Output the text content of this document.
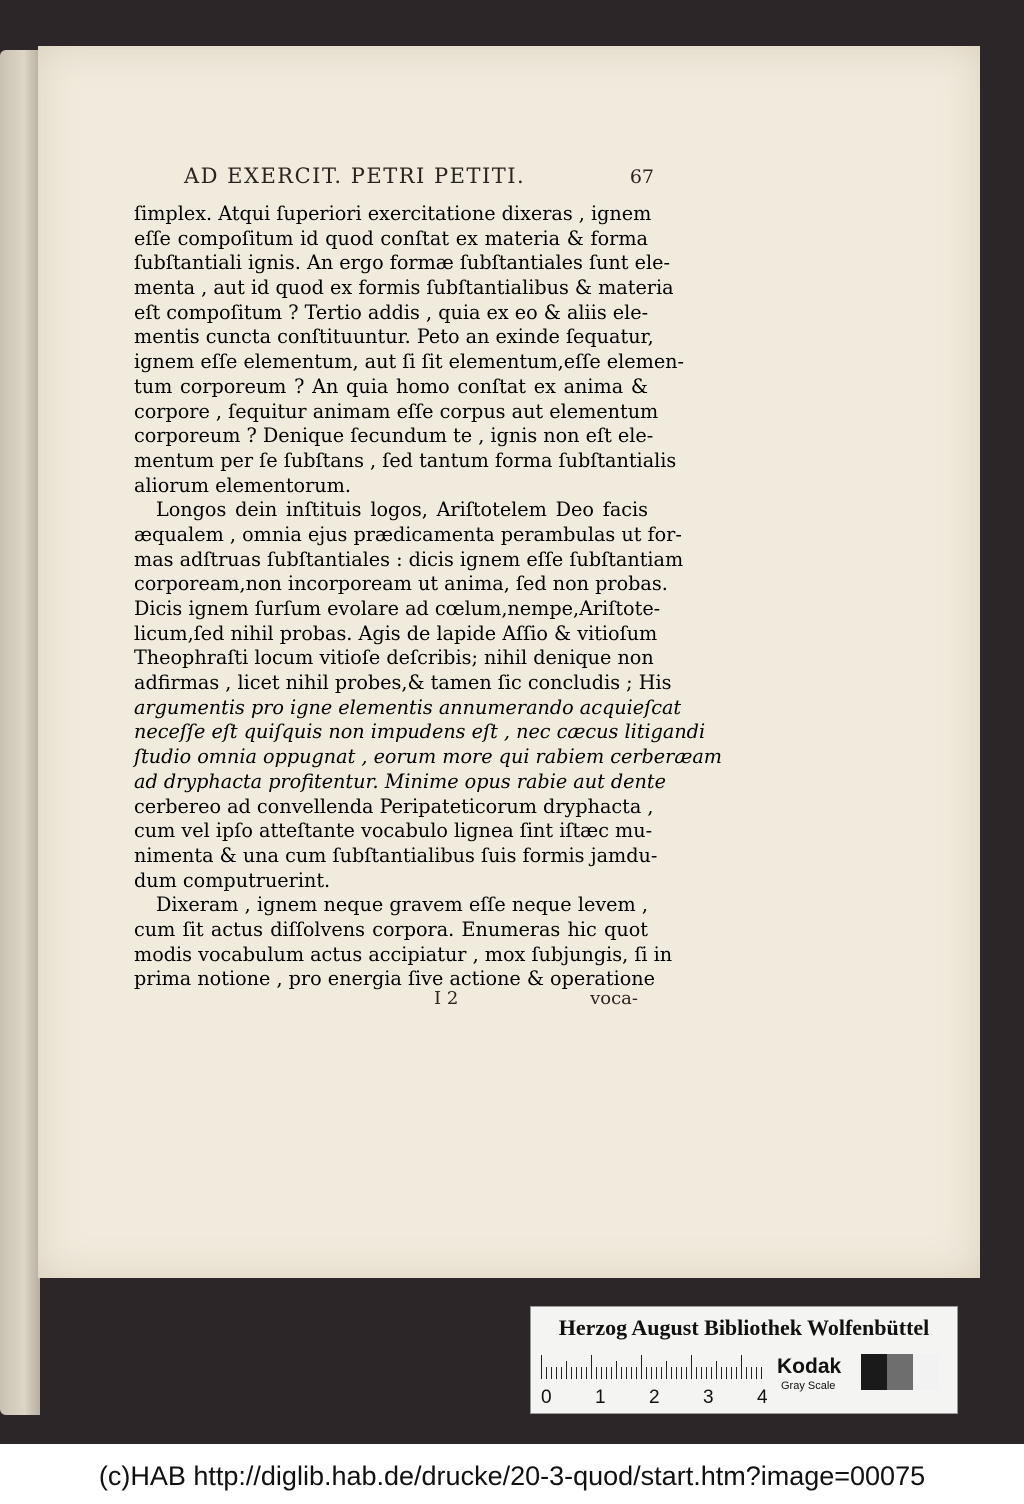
AD EXERCIT. PETRI PETITI.	67
ſimplex. Atqui ſuperiori exercitatione dixeras , ignem
eſſe compoſitum id quod conſtat ex materia & forma
ſubſtantiali ignis. An ergo formæ ſubſtantiales ſunt ele-
menta , aut id quod ex formis ſubſtantialibus & materia
eſt compoſitum ? Tertio addis , quia ex eo & aliis ele-
mentis cuncta conſtituuntur. Peto an exinde ſequatur,
ignem eſſe elementum, aut ſi ſit elementum,eſſe elemen-
tum corporeum ? An quia homo conſtat ex anima &
corpore , ſequitur animam eſſe corpus aut elementum
corporeum ? Denique ſecundum te , ignis non eſt ele-
mentum per ſe ſubſtans , ſed tantum forma ſubſtantialis
aliorum elementorum.
Longos dein inſtituis logos, Ariſtotelem Deo facis
æqualem , omnia ejus prædicamenta perambulas ut for-
mas adſtruas ſubſtantiales : dicis ignem eſſe ſubſtantiam
corpoream,non incorpoream ut anima, ſed non probas.
Dicis ignem ſurſum evolare ad cœlum,nempe,Ariſtote-
licum,ſed nihil probas. Agis de lapide Aſſio & vitioſum
Theophraſti locum vitioſe deſcribis; nihil denique non
adfirmas , licet nihil probes,& tamen ſic concludis ; His
argumentis pro igne elementis annumerando acquieſcat
neceſſe eſt quiſquis non impudens eſt , nec cæcus litigandi
ſtudio omnia oppugnat , eorum more qui rabiem cerberæam
ad dryphacta profitentur. Minime opus rabie aut dente
cerbereo ad convellenda Peripateticorum dryphacta ,
cum vel ipſo atteſtante vocabulo lignea ſint iſtæc mu-
nimenta & una cum ſubſtantialibus ſuis formis jamdu-
dum computruerint.
Dixeram , ignem neque gravem eſſe neque levem ,
cum ſit actus diſſolvens corpora. Enumeras hic quot
modis vocabulum actus accipiatur , mox ſubjungis, ſi in
prima notione , pro energia ſive actione & operatione
I 2	voca-
Herzog August Bibliothek Wolfenbüttel
0 1 2 3 4
Kodak
Gray Scale
(c)HAB http://diglib.hab.de/drucke/20-3-quod/start.htm?image=00075
